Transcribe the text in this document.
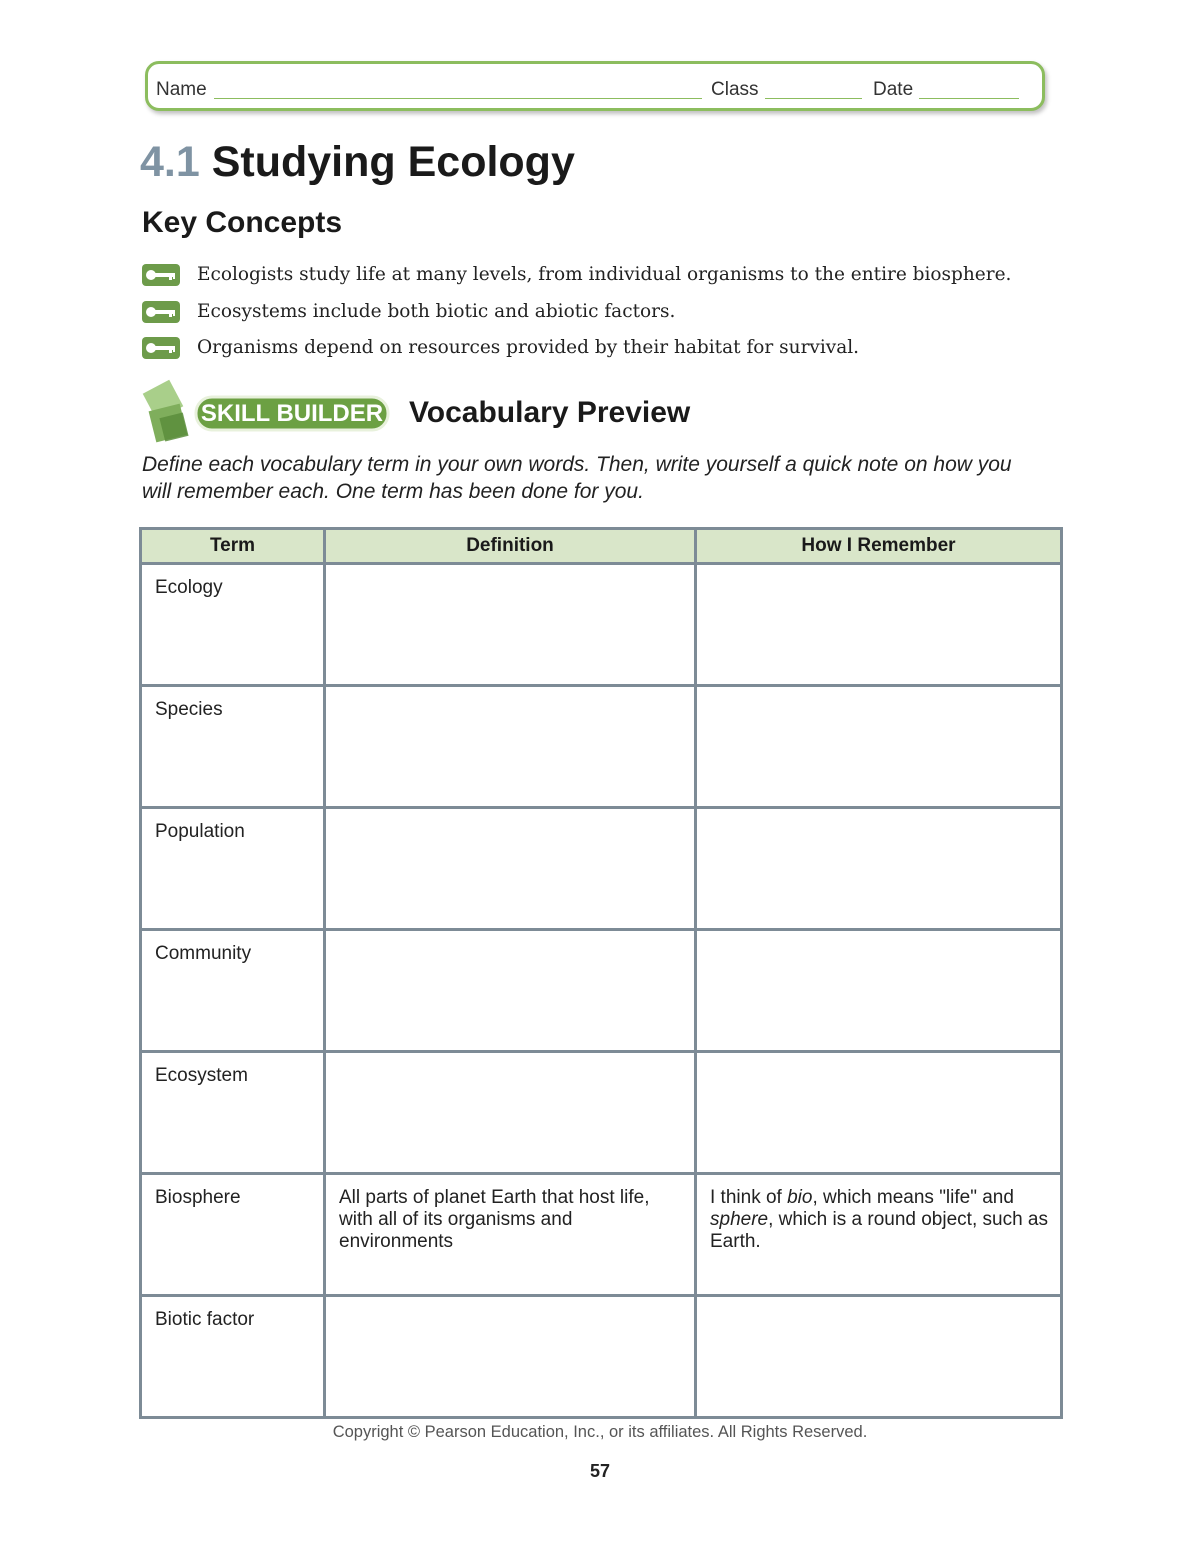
Name	Class	Date
4.1 Studying Ecology
Key Concepts
Ecologists study life at many levels, from individual organisms to the entire biosphere.
Ecosystems include both biotic and abiotic factors.
Organisms depend on resources provided by their habitat for survival.
SKILL BUILDER Vocabulary Preview
Define each vocabulary term in your own words. Then, write yourself a quick note on how you will remember each. One term has been done for you.
Term	Definition	How I Remember
Ecology		
Species		
Population		
Community		
Ecosystem		
Biosphere	All parts of planet Earth that host life, with all of its organisms and environments	I think of bio, which means "life" and sphere, which is a round object, such as Earth.
Biotic factor		
Copyright © Pearson Education, Inc., or its affiliates. All Rights Reserved.
57
